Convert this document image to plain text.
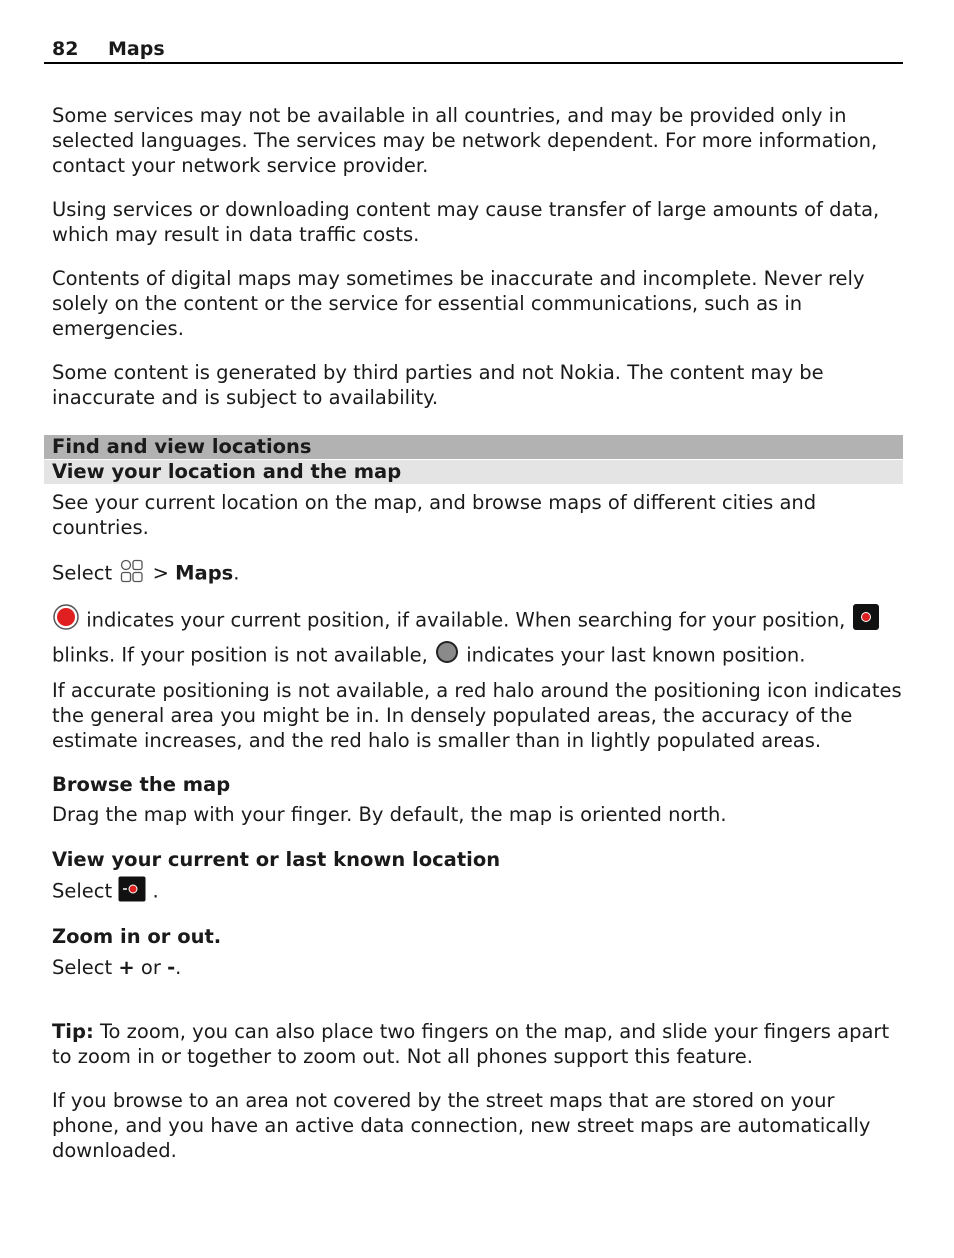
82 Maps

Some services may not be available in all countries, and may be provided only in selected languages. The services may be network dependent. For more information, contact your network service provider.

Using services or downloading content may cause transfer of large amounts of data, which may result in data traffic costs.

Contents of digital maps may sometimes be inaccurate and incomplete. Never rely solely on the content or the service for essential communications, such as in emergencies.

Some content is generated by third parties and not Nokia. The content may be inaccurate and is subject to availability.

Find and view locations
View your location and the map

See your current location on the map, and browse maps of different cities and countries.

Select  > Maps.

indicates your current position, if available. When searching for your position,
blinks. If your position is not available,  indicates your last known position.

If accurate positioning is not available, a red halo around the positioning icon indicates the general area you might be in. In densely populated areas, the accuracy of the estimate increases, and the red halo is smaller than in lightly populated areas.

Browse the map

Drag the map with your finger. By default, the map is oriented north.

View your current or last known location

Select  .

Zoom in or out.

Select + or -.

Tip: To zoom, you can also place two fingers on the map, and slide your fingers apart to zoom in or together to zoom out. Not all phones support this feature.

If you browse to an area not covered by the street maps that are stored on your phone, and you have an active data connection, new street maps are automatically downloaded.
